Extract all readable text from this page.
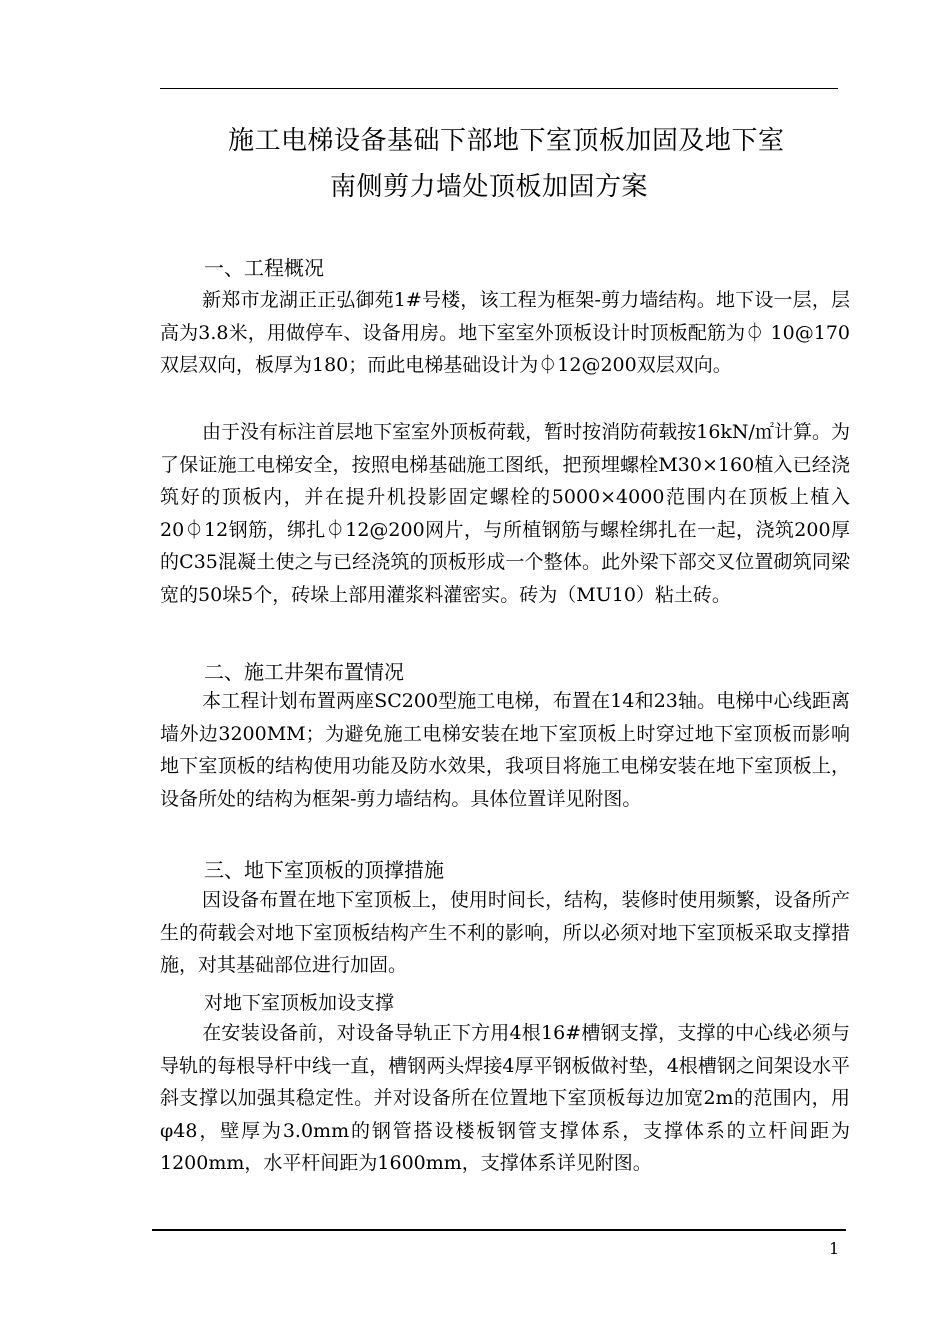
施工电梯设备基础下部地下室顶板加固及地下室
南侧剪力墙处顶板加固方案
一、工程概况
新郑市龙湖正正弘御苑1#号楼，该工程为框架-剪力墙结构。地下设一层，层高为3.8米，用做停车、设备用房。地下室室外顶板设计时顶板配筋为⏀ 10@170双层双向，板厚为180；而此电梯基础设计为⏀12@200双层双向。
由于没有标注首层地下室室外顶板荷载，暂时按消防荷载按16kN/㎡计算。为了保证施工电梯安全，按照电梯基础施工图纸，把预埋螺栓M30×160植入已经浇筑好的顶板内，并在提升机投影固定螺栓的5000×4000范围内在顶板上植入20⏀12钢筋，绑扎⏀12@200网片，与所植钢筋与螺栓绑扎在一起，浇筑200厚的C35混凝土使之与已经浇筑的顶板形成一个整体。此外梁下部交叉位置砌筑同梁宽的50垛5个，砖垛上部用灌浆料灌密实。砖为（MU10）粘土砖。
二、施工井架布置情况
本工程计划布置两座SC200型施工电梯，布置在14和23轴。电梯中心线距离墙外边3200MM；为避免施工电梯安装在地下室顶板上时穿过地下室顶板而影响地下室顶板的结构使用功能及防水效果，我项目将施工电梯安装在地下室顶板上，设备所处的结构为框架-剪力墙结构。具体位置详见附图。
三、地下室顶板的顶撑措施
因设备布置在地下室顶板上，使用时间长，结构，装修时使用频繁，设备所产生的荷载会对地下室顶板结构产生不利的影响，所以必须对地下室顶板采取支撑措施，对其基础部位进行加固。
对地下室顶板加设支撑
在安装设备前，对设备导轨正下方用4根16#槽钢支撑，支撑的中心线必须与导轨的每根导杆中线一直，槽钢两头焊接4厚平钢板做衬垫，4根槽钢之间架设水平斜支撑以加强其稳定性。并对设备所在位置地下室顶板每边加宽2m的范围内，用φ48，壁厚为3.0mm的钢管搭设楼板钢管支撑体系，支撑体系的立杆间距为1200mm，水平杆间距为1600mm，支撑体系详见附图。
1
